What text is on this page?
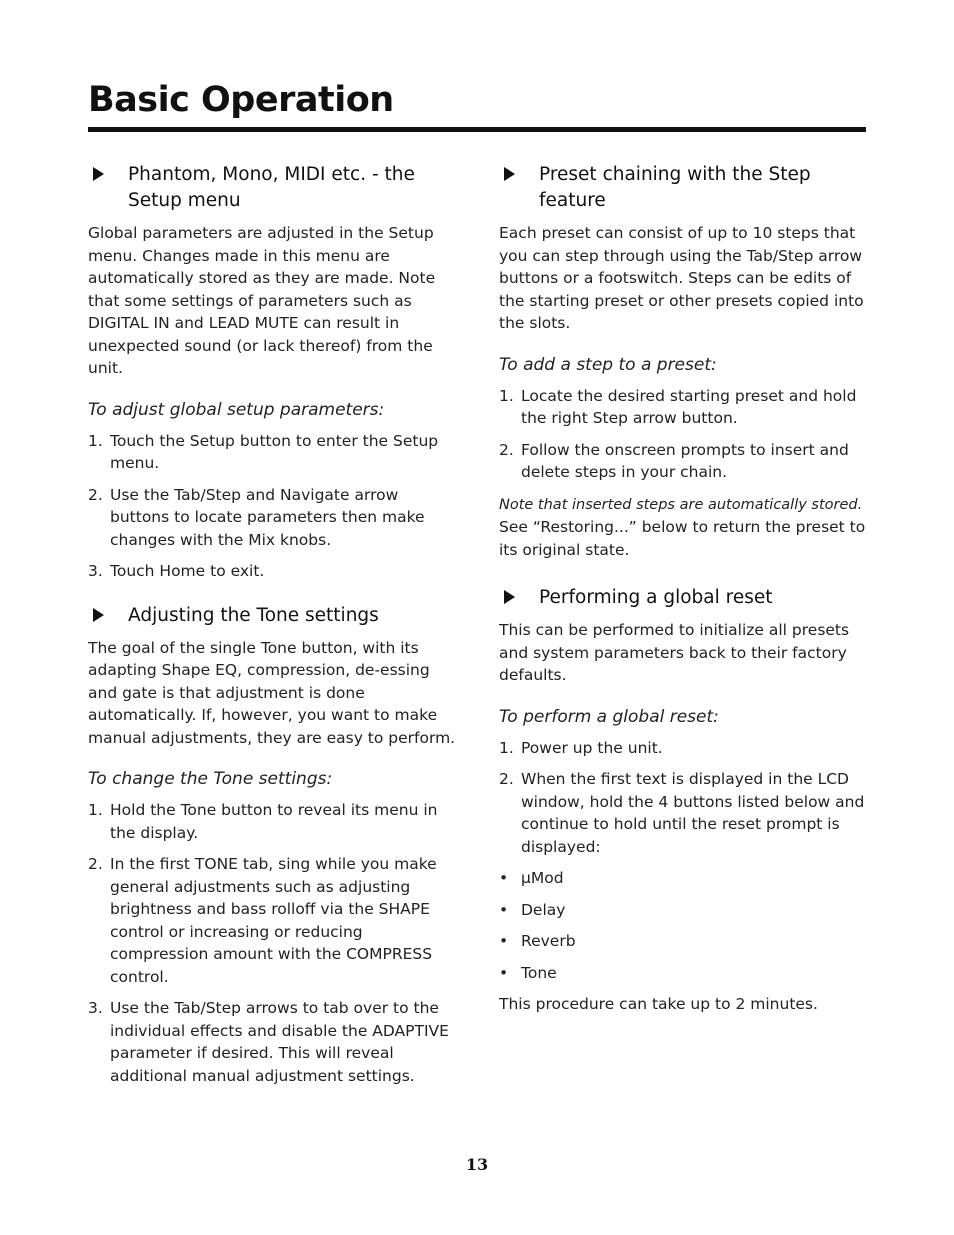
Basic Operation
Phantom, Mono, MIDI etc. - the
Setup menu

Global parameters are adjusted in the Setup menu. Changes made in this menu are automatically stored as they are made. Note that some settings of parameters such as DIGITAL IN and LEAD MUTE can result in unexpected sound (or lack thereof) from the unit.

To adjust global setup parameters:

1. Touch the Setup button to enter the Setup menu.
2. Use the Tab/Step and Navigate arrow buttons to locate parameters then make changes with the Mix knobs.
3. Touch Home to exit.
Adjusting the Tone settings

The goal of the single Tone button, with its adapting Shape EQ, compression, de-essing and gate is that adjustment is done automatically. If, however, you want to make manual adjustments, they are easy to perform.

To change the Tone settings:

1. Hold the Tone button to reveal its menu in the display.
2. In the first TONE tab, sing while you make general adjustments such as adjusting brightness and bass rolloff via the SHAPE control or increasing or reducing compression amount with the COMPRESS control.
3. Use the Tab/Step arrows to tab over to the individual effects and disable the ADAPTIVE parameter if desired. This will reveal additional manual adjustment settings.
Preset chaining with the Step feature

Each preset can consist of up to 10 steps that you can step through using the Tab/Step arrow buttons or a footswitch. Steps can be edits of the starting preset or other presets copied into the slots.

To add a step to a preset:

1. Locate the desired starting preset and hold the right Step arrow button.
2. Follow the onscreen prompts to insert and delete steps in your chain.

Note that inserted steps are automatically stored.
See “Restoring...” below to return the preset to its original state.

Performing a global reset

This can be performed to initialize all presets and system parameters back to their factory defaults.

To perform a global reset:

1. Power up the unit.
2. When the first text is displayed in the LCD window, hold the 4 buttons listed below and continue to hold until the reset prompt is displayed:
• µMod
• Delay
• Reverb
• Tone

This procedure can take up to 2 minutes.

13
